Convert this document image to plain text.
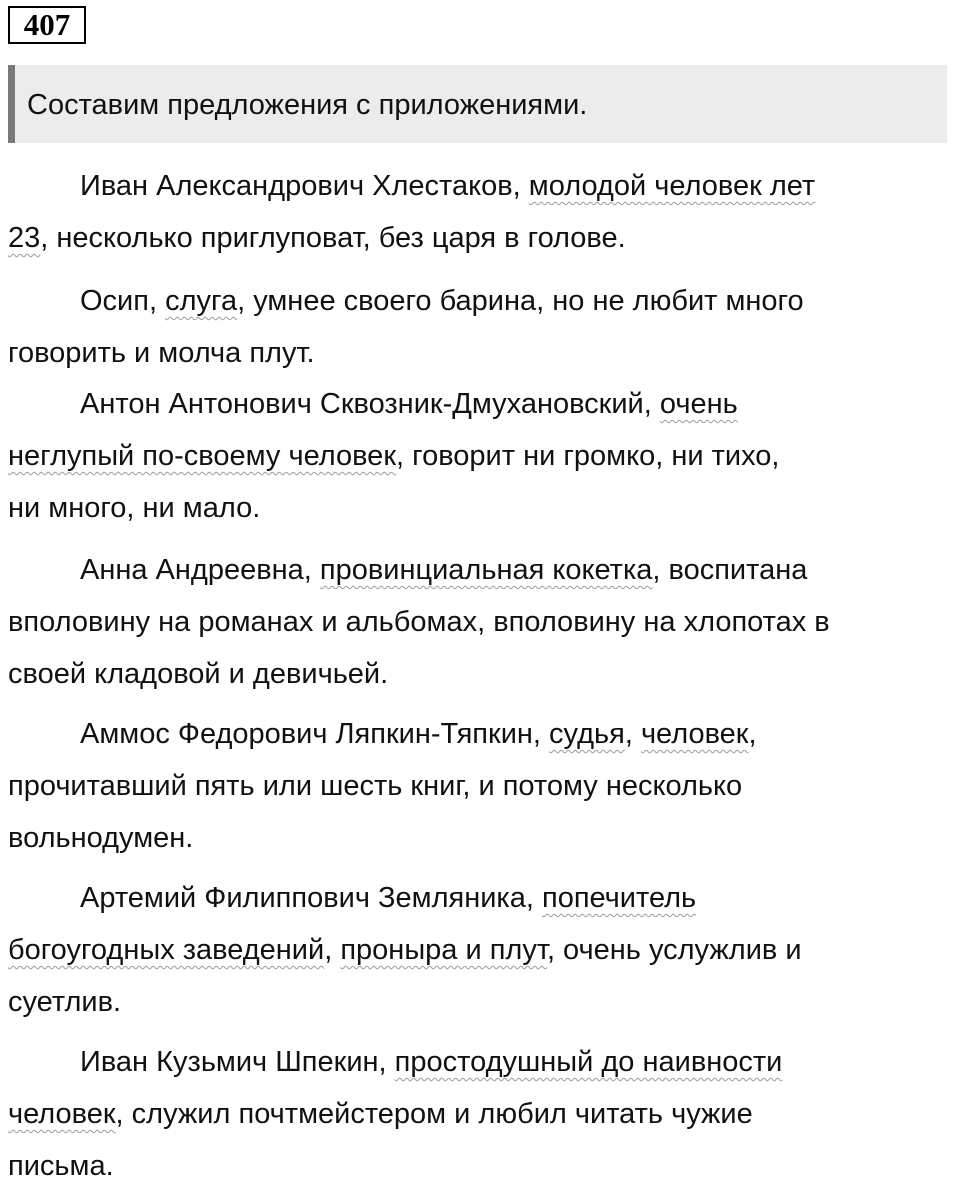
407
Составим предложения с приложениями.
Иван Александрович Хлестаков, молодой человек лет
23, несколько приглуповат, без царя в голове.
Осип, слуга, умнее своего барина, но не любит много
говорить и молча плут.
Антон Антонович Сквозник-Дмухановский, очень
неглупый по-своему человек, говорит ни громко, ни тихо,
ни много, ни мало.
Анна Андреевна, провинциальная кокетка, воспитана
вполовину на романах и альбомах, вполовину на хлопотах в
своей кладовой и девичьей.
Аммос Федорович Ляпкин-Тяпкин, судья, человек,
прочитавший пять или шесть книг, и потому несколько
вольнодумен.
Артемий Филиппович Земляника, попечитель
богоугодных заведений, проныра и плут, очень услужлив и
суетлив.
Иван Кузьмич Шпекин, простодушный до наивности
человек, служил почтмейстером и любил читать чужие
письма.
